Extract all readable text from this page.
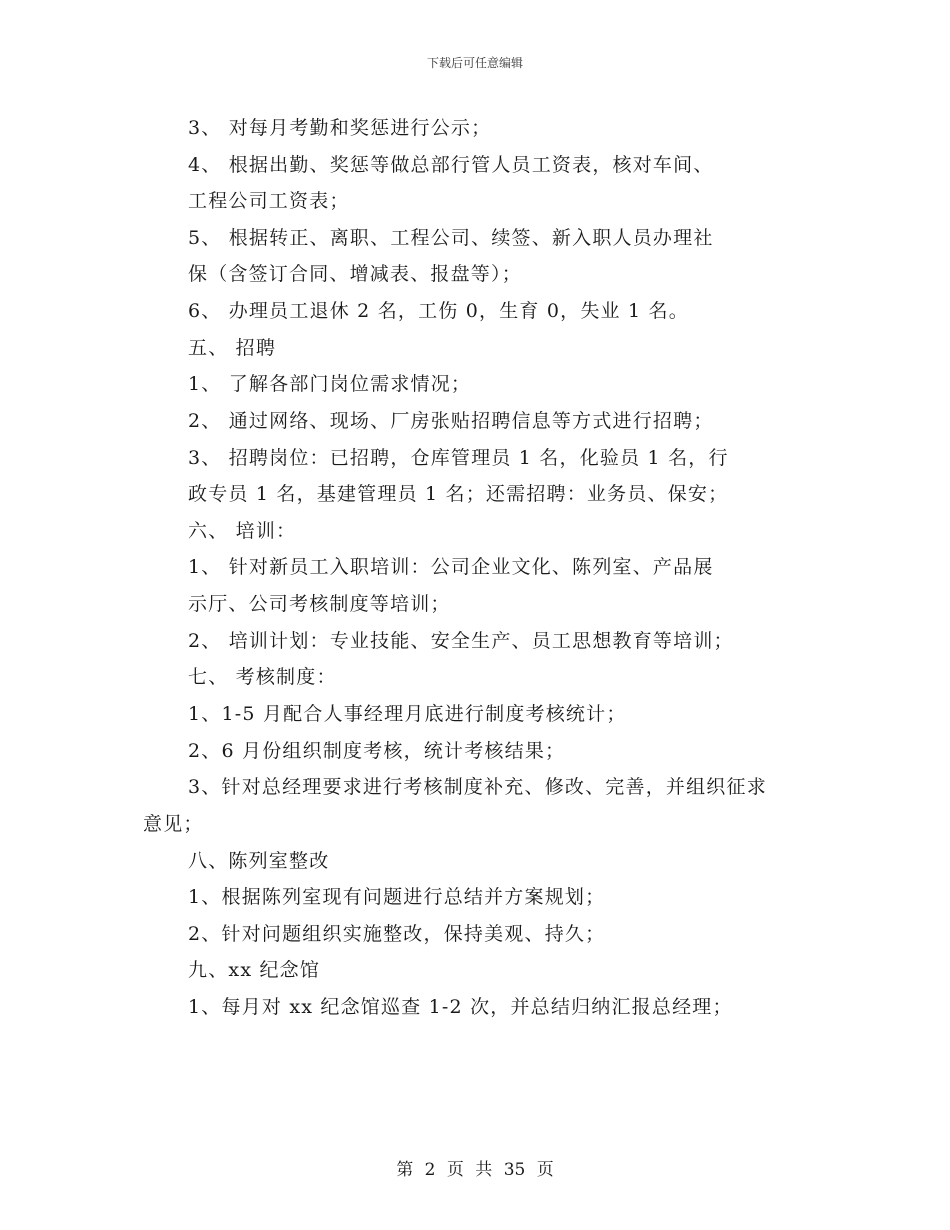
下载后可任意编辑
3、 对每月考勤和奖惩进行公示；
4、 根据出勤、奖惩等做总部行管人员工资表，核对车间、
工程公司工资表；
5、 根据转正、离职、工程公司、续签、新入职人员办理社
保（含签订合同、增减表、报盘等）；
6、 办理员工退休 2 名，工伤 0，生育 0，失业 1 名。
五、 招聘
1、 了解各部门岗位需求情况；
2、 通过网络、现场、厂房张贴招聘信息等方式进行招聘；
3、 招聘岗位：已招聘，仓库管理员 1 名，化验员 1 名，行
政专员 1 名，基建管理员 1 名；还需招聘：业务员、保安；
六、 培训：
1、 针对新员工入职培训：公司企业文化、陈列室、产品展
示厅、公司考核制度等培训；
2、 培训计划：专业技能、安全生产、员工思想教育等培训；
七、 考核制度：
1、1-5 月配合人事经理月底进行制度考核统计；
2、6 月份组织制度考核，统计考核结果；
3、针对总经理要求进行考核制度补充、修改、完善，并组织征求
意见；
八、陈列室整改
1、根据陈列室现有问题进行总结并方案规划；
2、针对问题组织实施整改，保持美观、持久；
九、xx 纪念馆
1、每月对 xx 纪念馆巡查 1-2 次，并总结归纳汇报总经理；
第 2 页 共 35 页
